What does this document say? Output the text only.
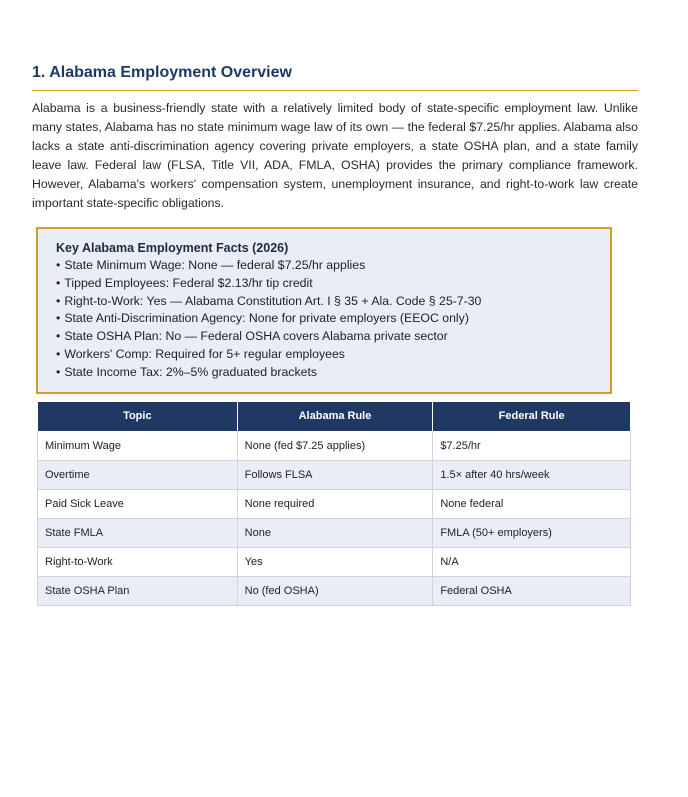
1. Alabama Employment Overview

Alabama is a business-friendly state with a relatively limited body of state-specific employment law. Unlike many states, Alabama has no state minimum wage law of its own — the federal $7.25/hr applies. Alabama also lacks a state anti-discrimination agency covering private employers, a state OSHA plan, and a state family leave law. Federal law (FLSA, Title VII, ADA, FMLA, OSHA) provides the primary compliance framework. However, Alabama's workers' compensation system, unemployment insurance, and right-to-work law create important state-specific obligations.

Key Alabama Employment Facts (2026)
• State Minimum Wage: None — federal $7.25/hr applies
• Tipped Employees: Federal $2.13/hr tip credit
• Right-to-Work: Yes — Alabama Constitution Art. I § 35 + Ala. Code § 25-7-30
• State Anti-Discrimination Agency: None for private employers (EEOC only)
• State OSHA Plan: No — Federal OSHA covers Alabama private sector
• Workers' Comp: Required for 5+ regular employees
• State Income Tax: 2%–5% graduated brackets
Topic	Alabama Rule	Federal Rule
Minimum Wage	None (fed $7.25 applies)	$7.25/hr
Overtime	Follows FLSA	1.5× after 40 hrs/week
Paid Sick Leave	None required	None federal
State FMLA	None	FMLA (50+ employers)
Right-to-Work	Yes	N/A
State OSHA Plan	No (fed OSHA)	Federal OSHA
